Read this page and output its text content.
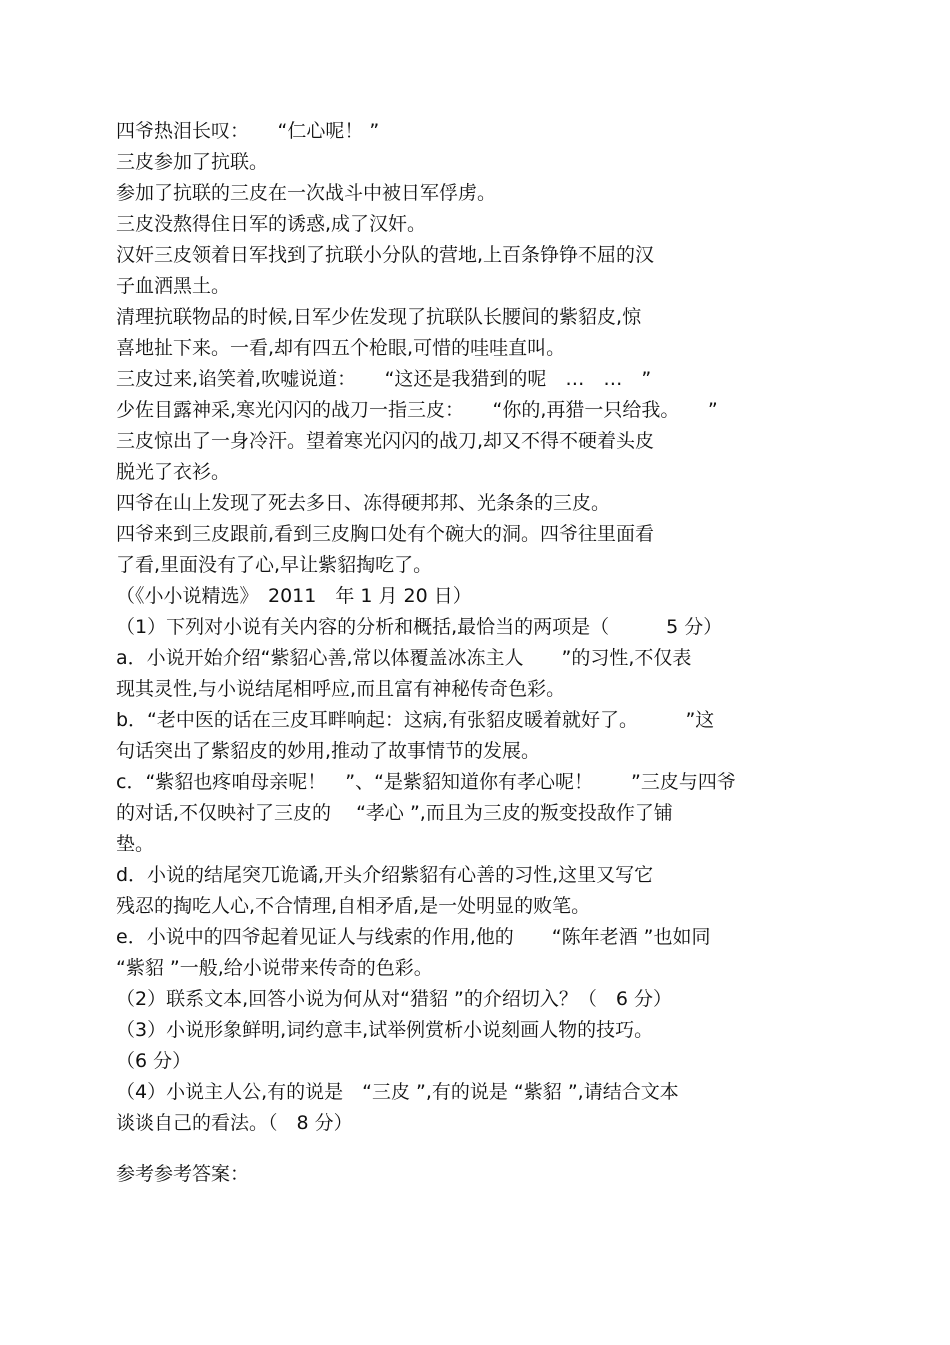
四爷热泪长叹：　　“仁心呢！ ”
三皮参加了抗联。
参加了抗联的三皮在一次战斗中被日军俘虏。
三皮没熬得住日军的诱惑,成了汉奸。
汉奸三皮领着日军找到了抗联小分队的营地,上百条铮铮不屈的汉
子血洒黑土。
清理抗联物品的时候,日军少佐发现了抗联队长腰间的紫貂皮,惊
喜地扯下来。一看,却有四五个枪眼,可惜的哇哇直叫。
三皮过来,谄笑着,吹嘘说道：　　“这还是我猎到的呢　…　…　”
少佐目露神采,寒光闪闪的战刀一指三皮：　　“你的,再猎一只给我。　　”
三皮惊出了一身冷汗。望着寒光闪闪的战刀,却又不得不硬着头皮
脱光了衣衫。
四爷在山上发现了死去多日、冻得硬邦邦、光条条的三皮。
四爷来到三皮跟前,看到三皮胸口处有个碗大的洞。四爷往里面看
了看,里面没有了心,早让紫貂掏吃了。
（《小小说精选》　2011　年 1 月 20 日）
（1）下列对小说有关内容的分析和概括,最恰当的两项是（　　　5 分）
a．小说开始介绍“紫貂心善,常以体覆盖冰冻主人　　”的习性,不仅表
现其灵性,与小说结尾相呼应,而且富有神秘传奇色彩。
b．“老中医的话在三皮耳畔响起：这病,有张貂皮暖着就好了。　　　”这
句话突出了紫貂皮的妙用,推动了故事情节的发展。
c．“紫貂也疼咱母亲呢！　”、“是紫貂知道你有孝心呢！　　”三皮与四爷
的对话,不仅映衬了三皮的　 “孝心 ”,而且为三皮的叛变投敌作了铺
垫。
d．小说的结尾突兀诡谲,开头介绍紫貂有心善的习性,这里又写它
残忍的掏吃人心,不合情理,自相矛盾,是一处明显的败笔。
e．小说中的四爷起着见证人与线索的作用,他的　　“陈年老酒 ”也如同
“紫貂 ”一般,给小说带来传奇的色彩。
（2）联系文本,回答小说为何从对“猎貂 ”的介绍切入？（　6 分）
（3）小说形象鲜明,词约意丰,试举例赏析小说刻画人物的技巧。
（6 分）
（4）小说主人公,有的说是　“三皮 ”,有的说是 “紫貂 ”,请结合文本
谈谈自己的看法。（　8 分）
参考参考答案：
